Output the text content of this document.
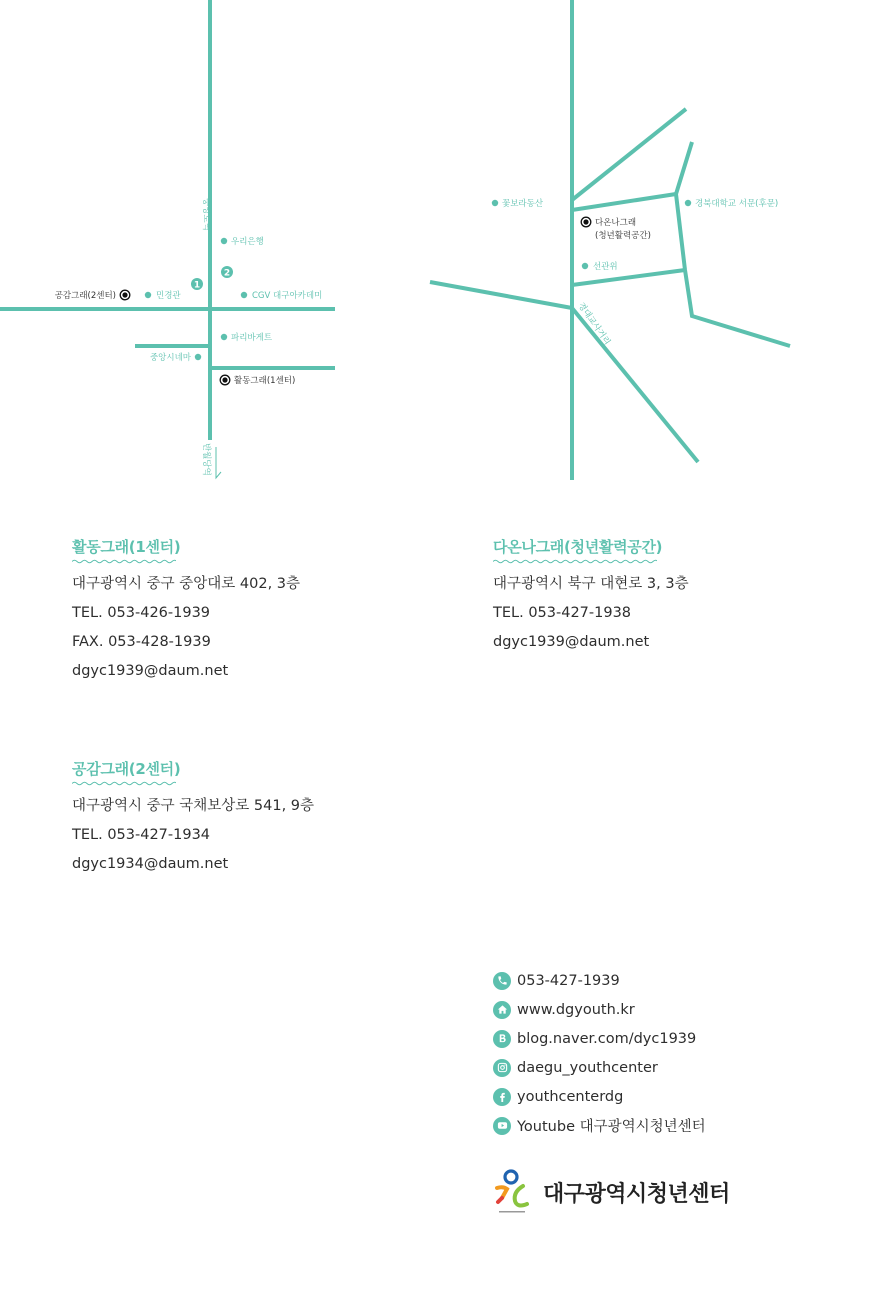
중앙로역
반월당역
1
2
우리은행
민경관	CGV 대구아카데미
파리바게트
중앙시네마
공감그래(2센터)
활동그래(1센터)
경대교사거리
꽃보라동산	경북대학교 서문(후문)
다온나그래
(청년활력공간)
선관위
활동그래(1센터)
대구광역시 중구 중앙대로 402, 3층
TEL. 053-426-1939
FAX. 053-428-1939
dgyc1939@daum.net
다온나그래(청년활력공간)
대구광역시 북구 대현로 3, 3층
TEL. 053-427-1938
dgyc1939@daum.net
공감그래(2센터)
대구광역시 중구 국채보상로 541, 9층
TEL. 053-427-1934
dgyc1934@daum.net
053-427-1939
www.dgyouth.kr
blog.naver.com/dyc1939
daegu_youthcenter
youthcenterdg
Youtube 대구광역시청년센터
대구광역시청년센터
